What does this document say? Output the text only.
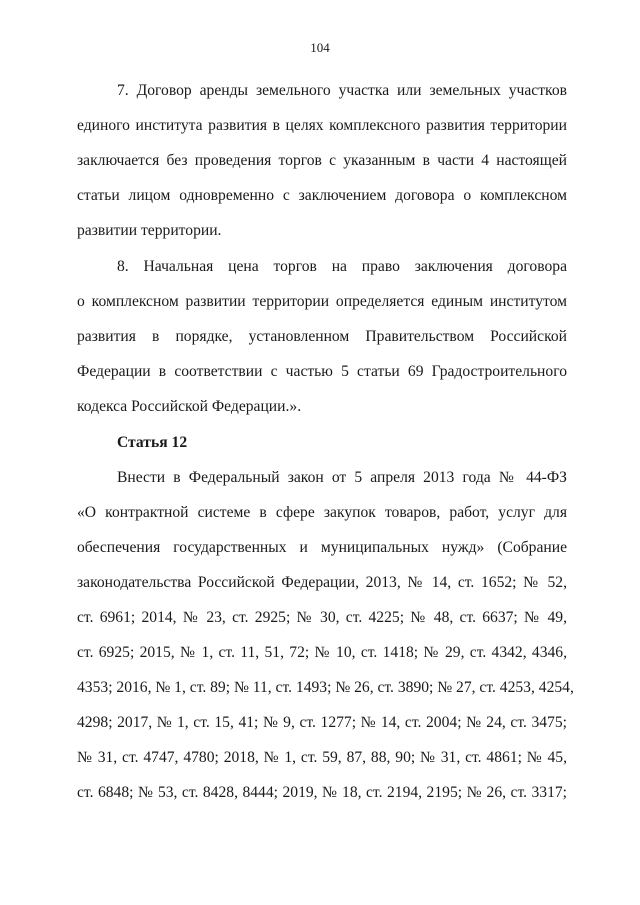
104
7. Договор аренды земельного участка или земельных участков
единого института развития в целях комплексного развития территории
заключается без проведения торгов с указанным в части 4 настоящей
статьи лицом одновременно с заключением договора о комплексном
развитии территории.
8. Начальная цена торгов на право заключения договора
о комплексном развитии территории определяется единым институтом
развития в порядке, установленном Правительством Российской
Федерации в соответствии с частью 5 статьи 69 Градостроительного
кодекса Российской Федерации.».
Статья 12
Внести в Федеральный закон от 5 апреля 2013 года № 44-ФЗ
«О контрактной системе в сфере закупок товаров, работ, услуг для
обеспечения государственных и муниципальных нужд» (Собрание
законодательства Российской Федерации, 2013, № 14, ст. 1652; № 52,
ст. 6961; 2014, № 23, ст. 2925; № 30, ст. 4225; № 48, ст. 6637; № 49,
ст. 6925; 2015, № 1, ст. 11, 51, 72; № 10, ст. 1418; № 29, ст. 4342, 4346,
4353; 2016, № 1, ст. 89; № 11, ст. 1493; № 26, ст. 3890; № 27, ст. 4253, 4254,
4298; 2017, № 1, ст. 15, 41; № 9, ст. 1277; № 14, ст. 2004; № 24, ст. 3475;
№ 31, ст. 4747, 4780; 2018, № 1, ст. 59, 87, 88, 90; № 31, ст. 4861; № 45,
ст. 6848; № 53, ст. 8428, 8444; 2019, № 18, ст. 2194, 2195; № 26, ст. 3317;
